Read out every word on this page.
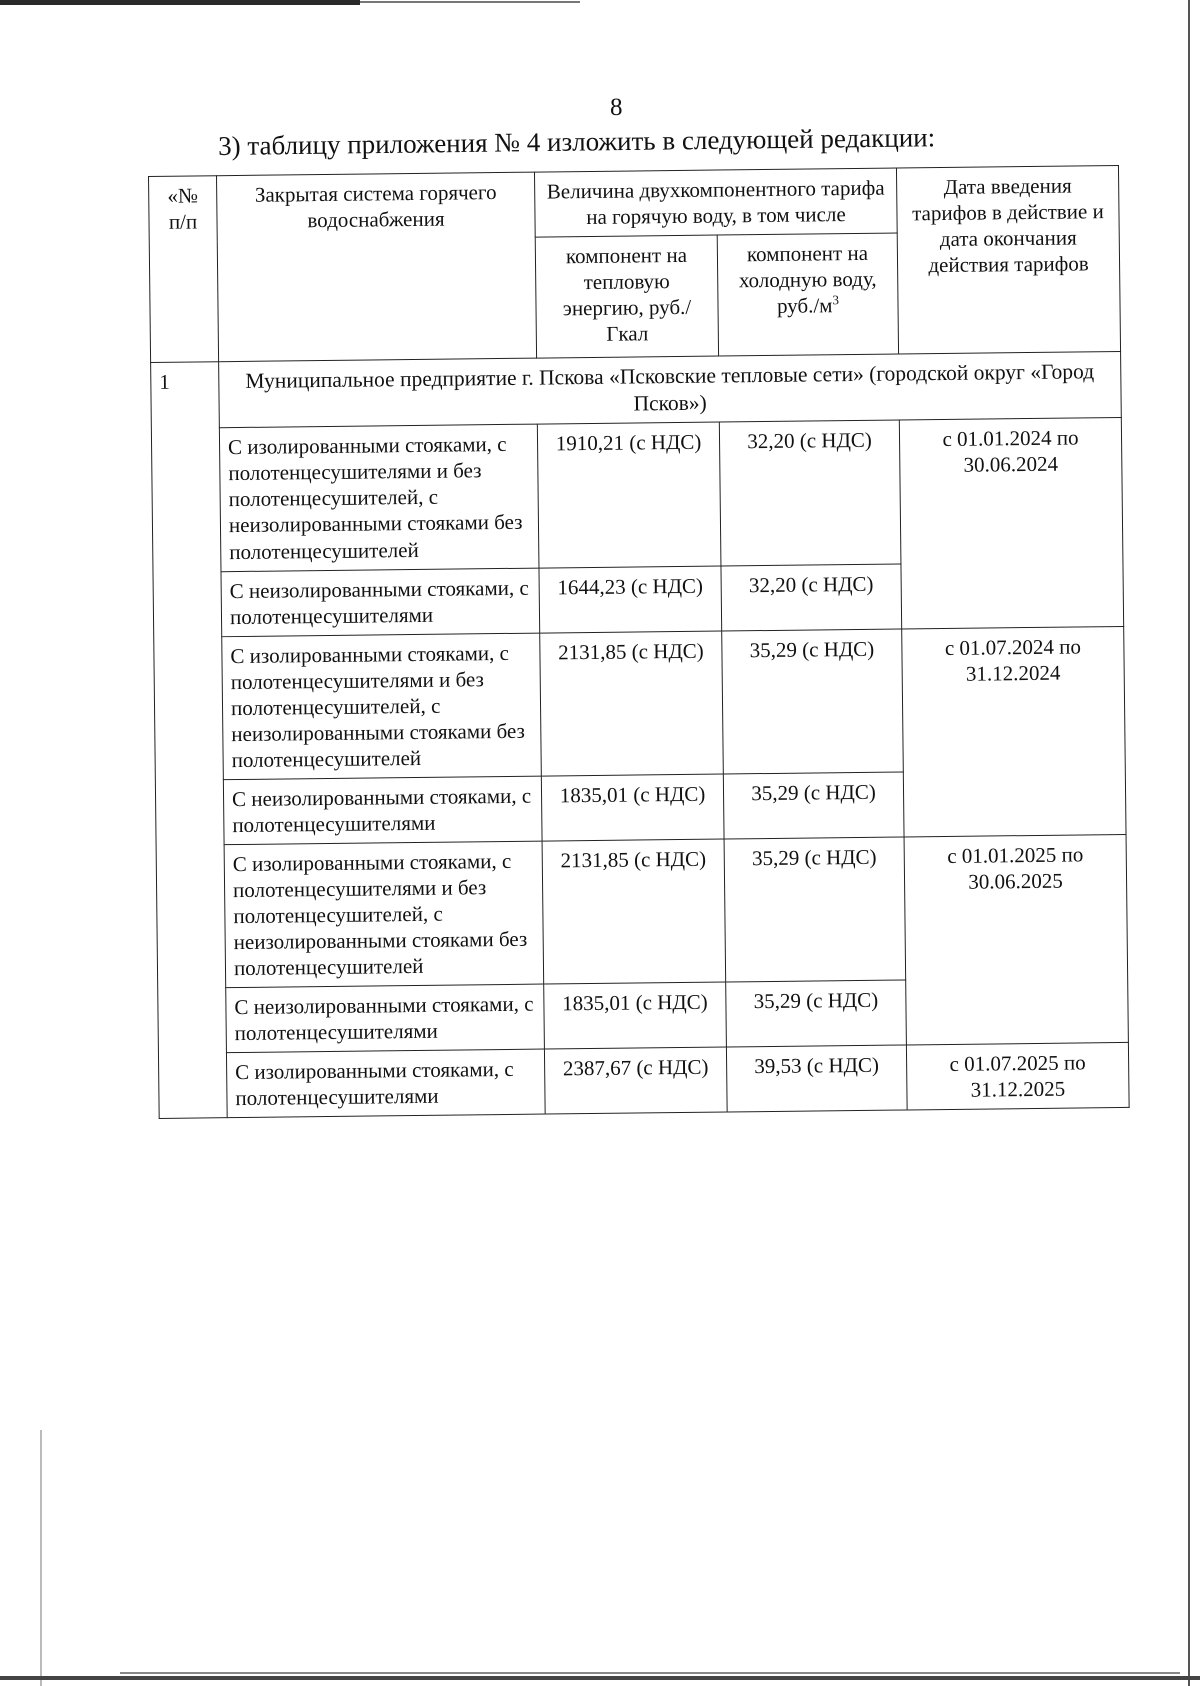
8
3) таблицу приложения № 4 изложить в следующей редакции:
«№ п/п	Закрытая система горячего водоснабжения	Величина двухкомпонентного тарифа на горячую воду, в том числе		Дата введения тарифов в действие и дата окончания действия тарифов
		компонент на тепловую энергию, руб./Гкал	компонент на холодную воду, $руб./м^3$
1	Муниципальное предприятие г. Пскова «Псковские тепловые сети» (городской округ «Город Псков»)			
	С изолированными стояками, с полотенцесушителями и без полотенцесушителей, с неизолированными стояками без полотенцесушителей	1910,21 (с НДС)	32,20 (с НДС)	с 01.01.2024 по 30.06.2024
	С неизолированными стояками, с полотенцесушителями	1644,23 (с НДС)	32,20 (с НДС)	
	С изолированными стояками, с полотенцесушителями и без полотенцесушителей, с неизолированными стояками без полотенцесушителей	2131,85 (с НДС)	35,29 (с НДС)	с 01.07.2024 по 31.12.2024
	С неизолированными стояками, с полотенцесушителями	1835,01 (с НДС)	35,29 (с НДС)	
	С изолированными стояками, с полотенцесушителями и без полотенцесушителей, с неизолированными стояками без полотенцесушителей	2131,85 (с НДС)	35,29 (с НДС)	с 01.01.2025 по 30.06.2025
	С неизолированными стояками, с полотенцесушителями	1835,01 (с НДС)	35,29 (с НДС)	
	С изолированными стояками, с полотенцесушителями	2387,67 (с НДС)	39,53 (с НДС)	с 01.07.2025 по 31.12.2025
